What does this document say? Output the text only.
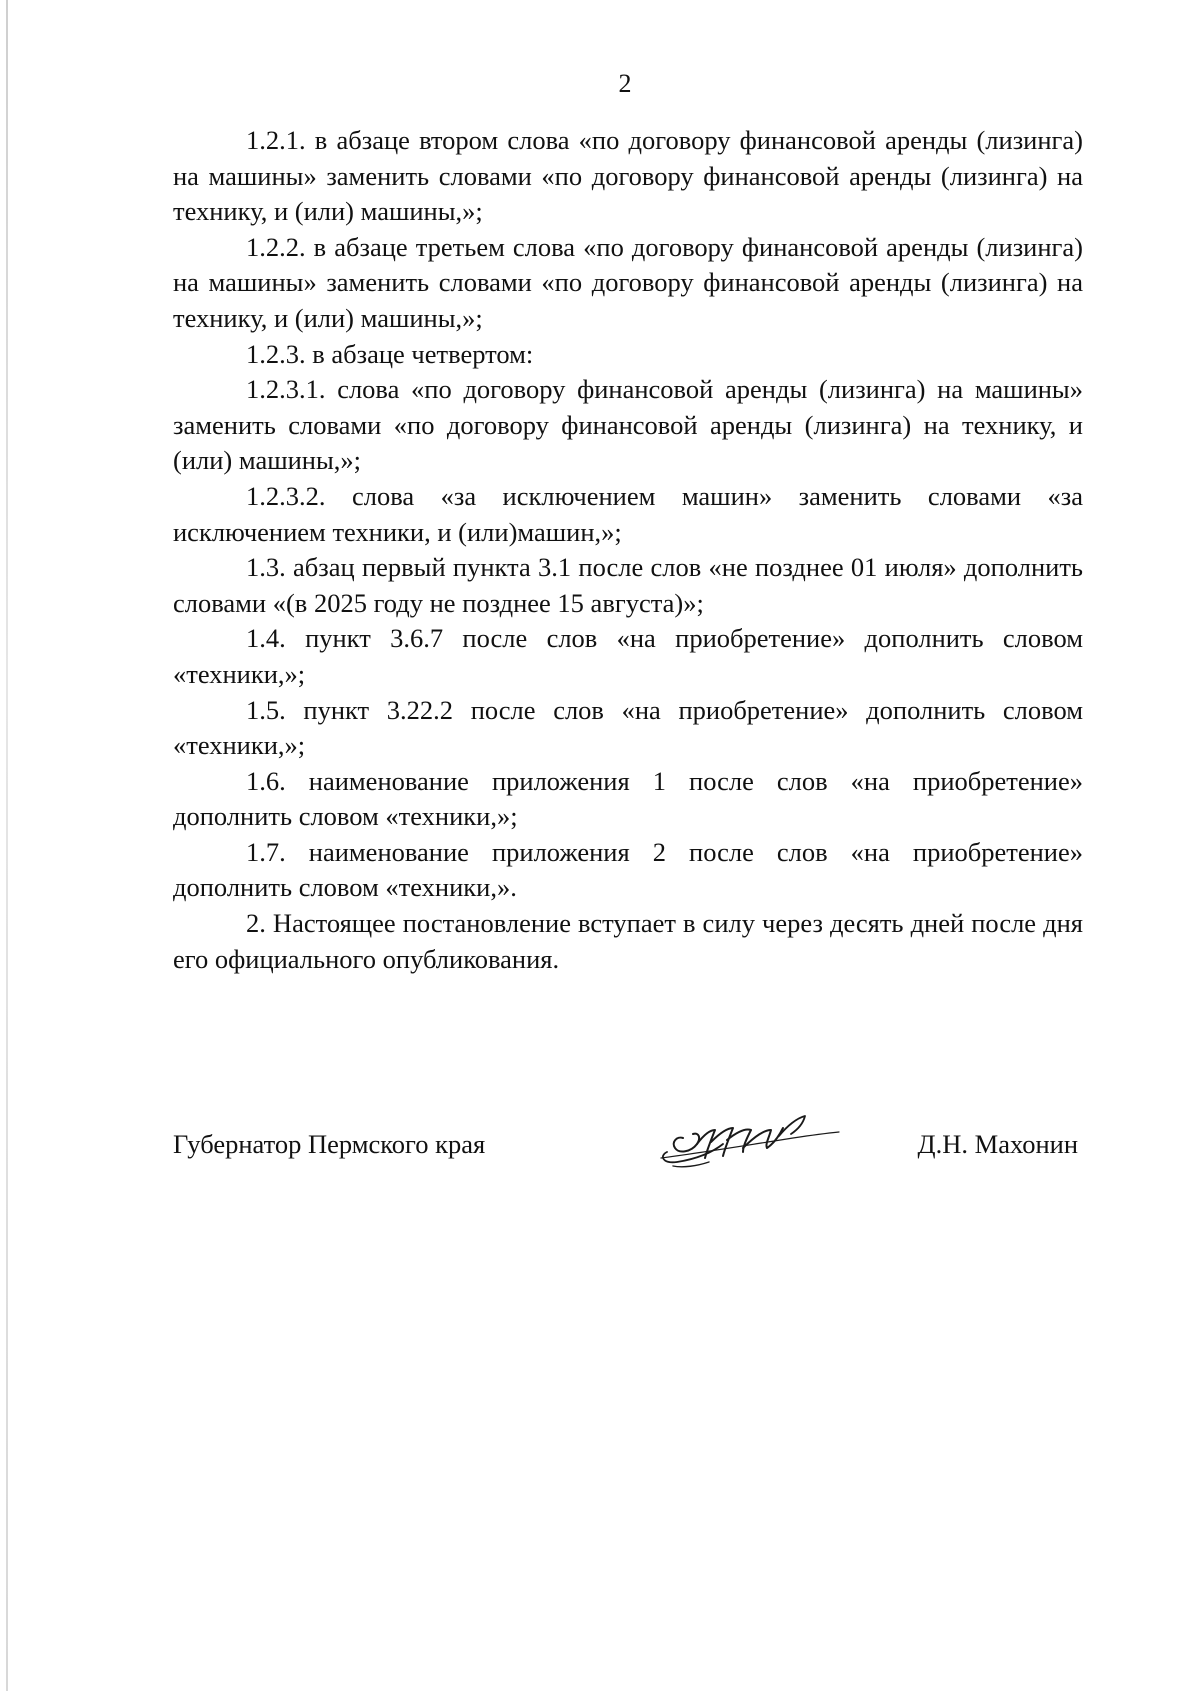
2

1.2.1. в абзаце втором слова «по договору финансовой аренды (лизинга) на машины» заменить словами «по договору финансовой аренды (лизинга) на технику, и (или) машины,»;

1.2.2. в абзаце третьем слова «по договору финансовой аренды (лизинга) на машины» заменить словами «по договору финансовой аренды (лизинга) на технику, и (или) машины,»;

1.2.3. в абзаце четвертом:

1.2.3.1. слова «по договору финансовой аренды (лизинга) на машины» заменить словами «по договору финансовой аренды (лизинга) на технику, и (или) машины,»;

1.2.3.2. слова «за исключением машин» заменить словами «за исключением техники, и (или)машин,»;

1.3. абзац первый пункта 3.1 после слов «не позднее 01 июля» дополнить словами «(в 2025 году не позднее 15 августа)»;

1.4. пункт 3.6.7 после слов «на приобретение» дополнить словом «техники,»;

1.5. пункт 3.22.2 после слов «на приобретение» дополнить словом «техники,»;

1.6. наименование приложения 1 после слов «на приобретение» дополнить словом «техники,»;

1.7. наименование приложения 2 после слов «на приобретение» дополнить словом «техники,».

2. Настоящее постановление вступает в силу через десять дней после дня его официального опубликования.

Губернатор Пермского края	Д.Н. Махонин
